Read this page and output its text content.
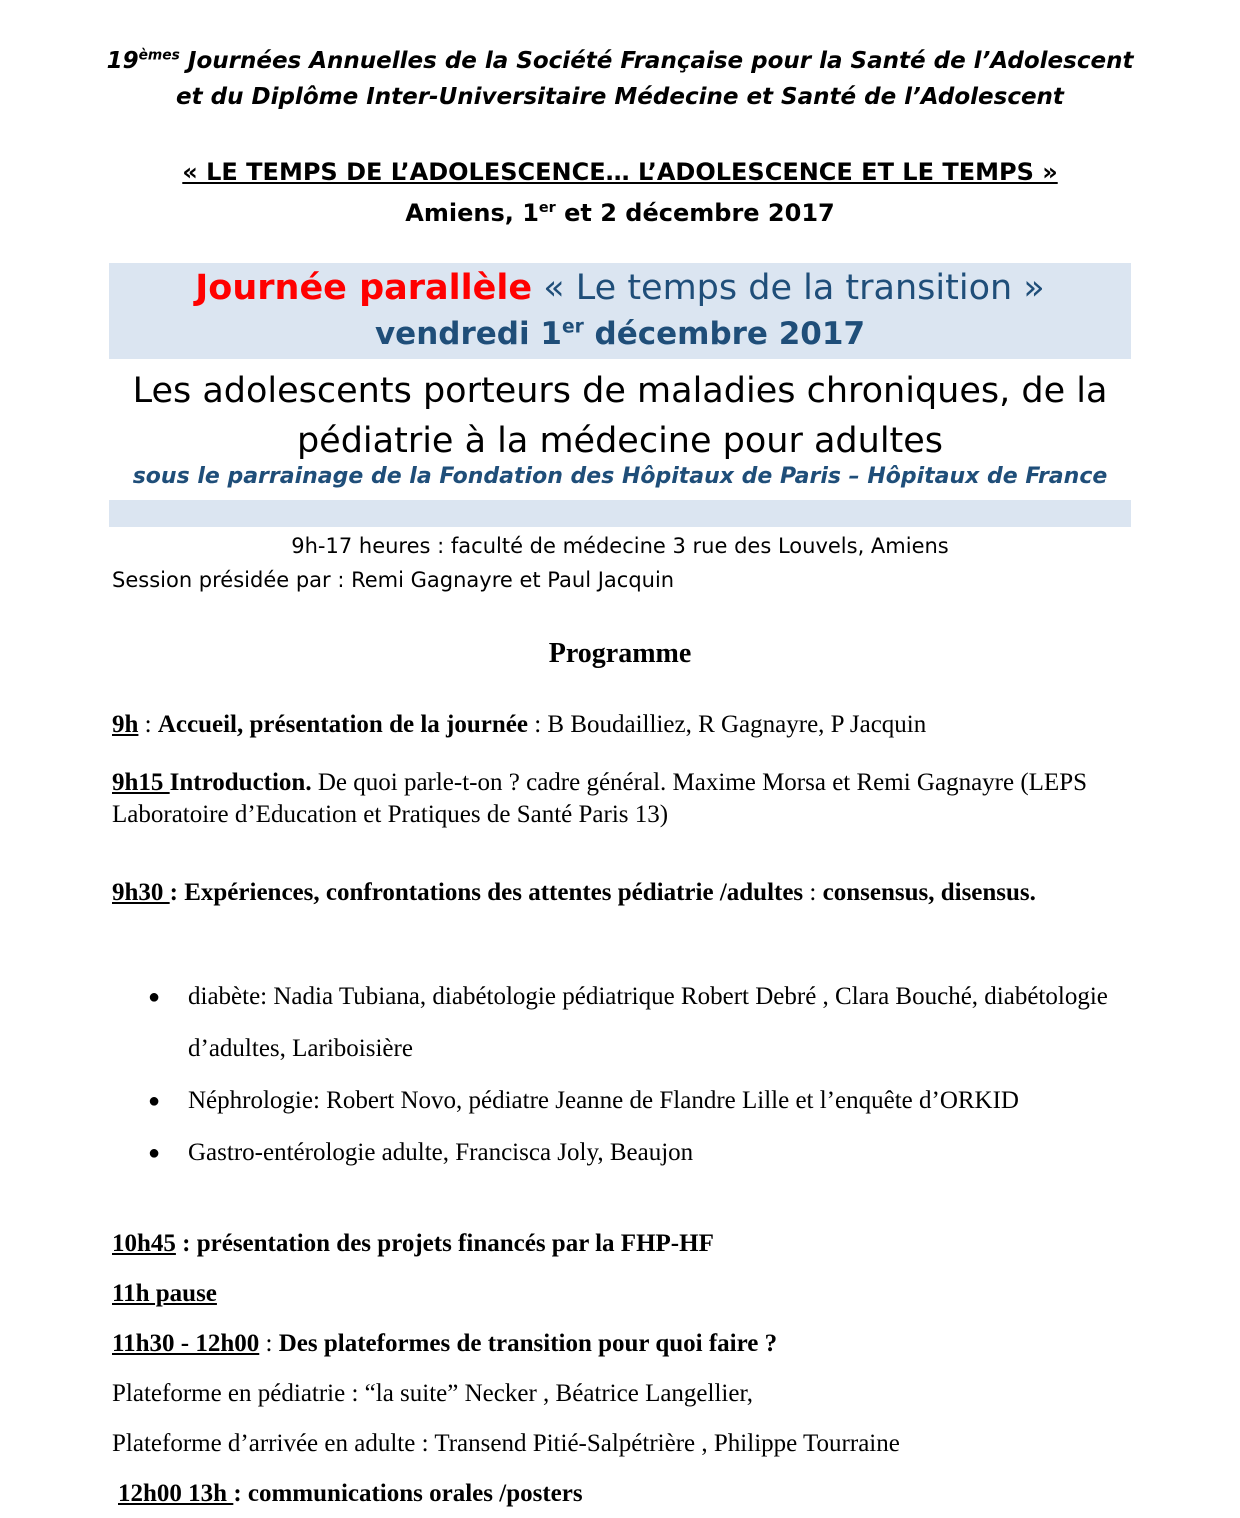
19èmes Journées Annuelles de la Société Française pour la Santé de l’Adolescent
et du Diplôme Inter-Universitaire Médecine et Santé de l’Adolescent
« LE TEMPS DE L’ADOLESCENCE… L’ADOLESCENCE ET LE TEMPS »
Amiens, 1er et 2 décembre 2017
Journée parallèle « Le temps de la transition »
vendredi 1er décembre 2017
Les adolescents porteurs de maladies chroniques, de la
pédiatrie à la médecine pour adultes
sous le parrainage de la Fondation des Hôpitaux de Paris – Hôpitaux de France
9h-17 heures : faculté de médecine 3 rue des Louvels, Amiens
Session présidée par : Remi Gagnayre et Paul Jacquin
Programme
9h : Accueil, présentation de la journée : B Boudailliez, R Gagnayre, P Jacquin
9h15 Introduction. De quoi parle-t-on ? cadre général. Maxime Morsa et Remi Gagnayre (LEPS Laboratoire d’Education et Pratiques de Santé Paris 13)
9h30 : Expériences, confrontations des attentes pédiatrie /adultes : consensus, disensus.
● diabète: Nadia Tubiana, diabétologie pédiatrique Robert Debré , Clara Bouché, diabétologie d’adultes, Lariboisière
● Néphrologie: Robert Novo, pédiatre Jeanne de Flandre Lille et l’enquête d’ORKID
● Gastro-entérologie adulte, Francisca Joly, Beaujon
10h45 : présentation des projets financés par la FHP-HF
11h pause
11h30 - 12h00 : Des plateformes de transition pour quoi faire ?
Plateforme en pédiatrie : “la suite” Necker , Béatrice Langellier,
Plateforme d’arrivée en adulte : Transend Pitié-Salpétrière , Philippe Tourraine
12h00 13h : communications orales /posters
